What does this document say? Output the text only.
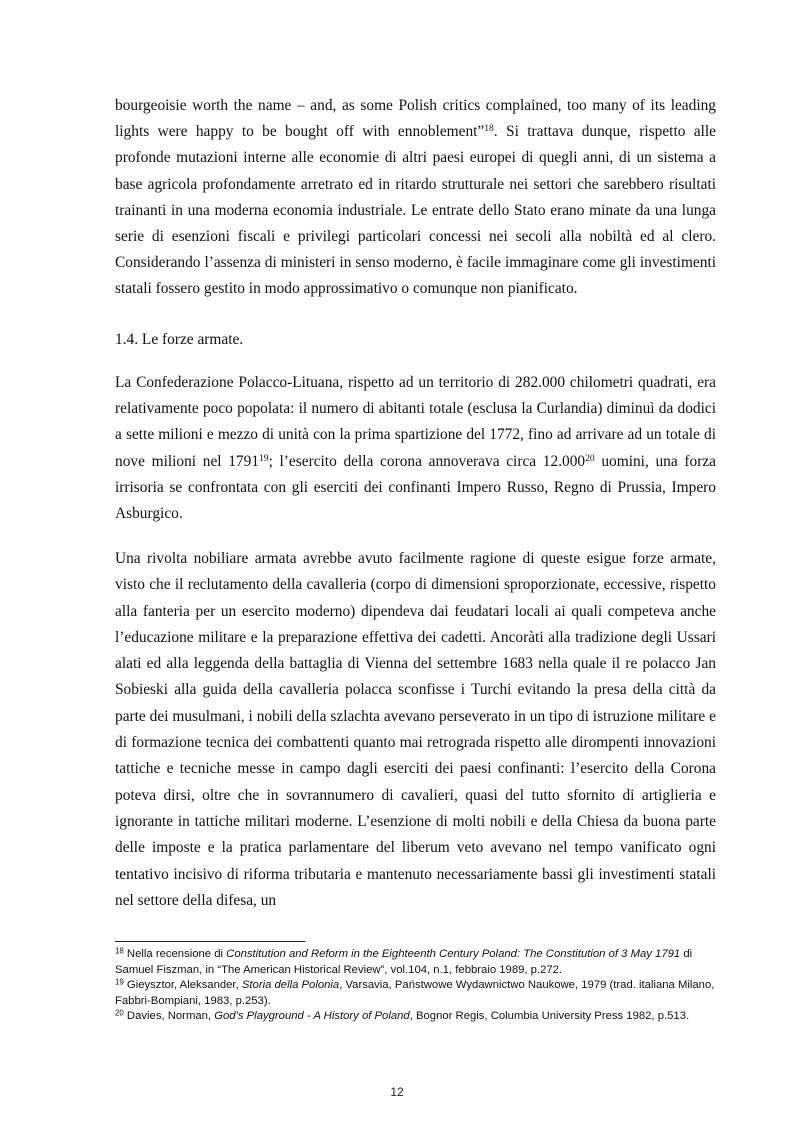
bourgeoisie worth the name – and, as some Polish critics complained, too many of its leading lights were happy to be bought off with ennoblement”$^{18}$. Si trattava dunque, rispetto alle profonde mutazioni interne alle economie di altri paesi europei di quegli anni, di un sistema a base agricola profondamente arretrato ed in ritardo strutturale nei settori che sarebbero risultati trainanti in una moderna economia industriale. Le entrate dello Stato erano minate da una lunga serie di esenzioni fiscali e privilegi particolari concessi nei secoli alla nobiltà ed al clero. Considerando l’assenza di ministeri in senso moderno, è facile immaginare come gli investimenti statali fossero gestito in modo approssimativo o comunque non pianificato.

1.4. Le forze armate.

La Confederazione Polacco-Lituana, rispetto ad un territorio di 282.000 chilometri quadrati, era relativamente poco popolata: il numero di abitanti totale (esclusa la Curlandia) diminuì da dodici a sette milioni e mezzo di unità con la prima spartizione del 1772, fino ad arrivare ad un totale di nove milioni nel 1791$^{19}$; l’esercito della corona annoverava circa 12.000$^{20}$ uomini, una forza irrisoria se confrontata con gli eserciti dei confinanti Impero Russo, Regno di Prussia, Impero Asburgico.

Una rivolta nobiliare armata avrebbe avuto facilmente ragione di queste esigue forze armate, visto che il reclutamento della cavalleria (corpo di dimensioni sproporzionate, eccessive, rispetto alla fanteria per un esercito moderno) dipendeva dai feudatari locali ai quali competeva anche l’educazione militare e la preparazione effettiva dei cadetti. Ancoràti alla tradizione degli Ussari alati ed alla leggenda della battaglia di Vienna del settembre 1683 nella quale il re polacco Jan Sobieski alla guida della cavalleria polacca sconfisse i Turchi evitando la presa della città da parte dei musulmani, i nobili della szlachta avevano perseverato in un tipo di istruzione militare e di formazione tecnica dei combattenti quanto mai retrograda rispetto alle dirompenti innovazioni tattiche e tecniche messe in campo dagli eserciti dei paesi confinanti: l’esercito della Corona poteva dirsi, oltre che in sovrannumero di cavalieri, quasi del tutto sfornito di artiglieria e ignorante in tattiche militari moderne. L’esenzione di molti nobili e della Chiesa da buona parte delle imposte e la pratica parlamentare del liberum veto avevano nel tempo vanificato ogni tentativo incisivo di riforma tributaria e mantenuto necessariamente bassi gli investimenti statali nel settore della difesa, un

$^{18}$ Nella recensione di Constitution and Reform in the Eighteenth Century Poland: The Constitution of 3 May 1791 di Samuel Fiszman, in “The American Historical Review”, vol.104, n.1, febbraio 1989, p.272.
$^{19}$ Gieysztor, Aleksander, Storia della Polonia, Varsavia, Państwowe Wydawnictwo Naukowe, 1979 (trad. italiana Milano, Fabbri-Bompiani, 1983, p.253).
$^{20}$ Davies, Norman, God’s Playground - A History of Poland, Bognor Regis, Columbia University Press 1982, p.513.
12
